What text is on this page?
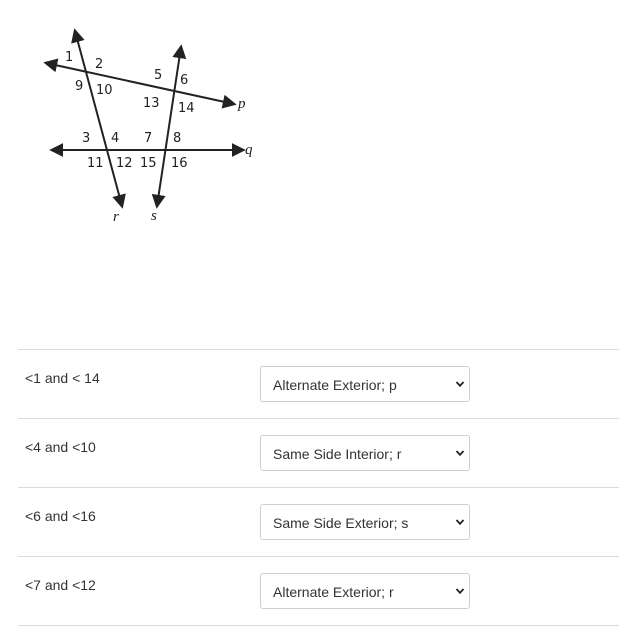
1 2
9 10
5 6
13 14
3 4 7 8
11 12 15 16
p
q
r s
<1 and < 14	Alternate Exterior; p
<4 and <10	Same Side Interior; r
<6 and <16	Same Side Exterior; s
<7 and <12	Alternate Exterior; r
